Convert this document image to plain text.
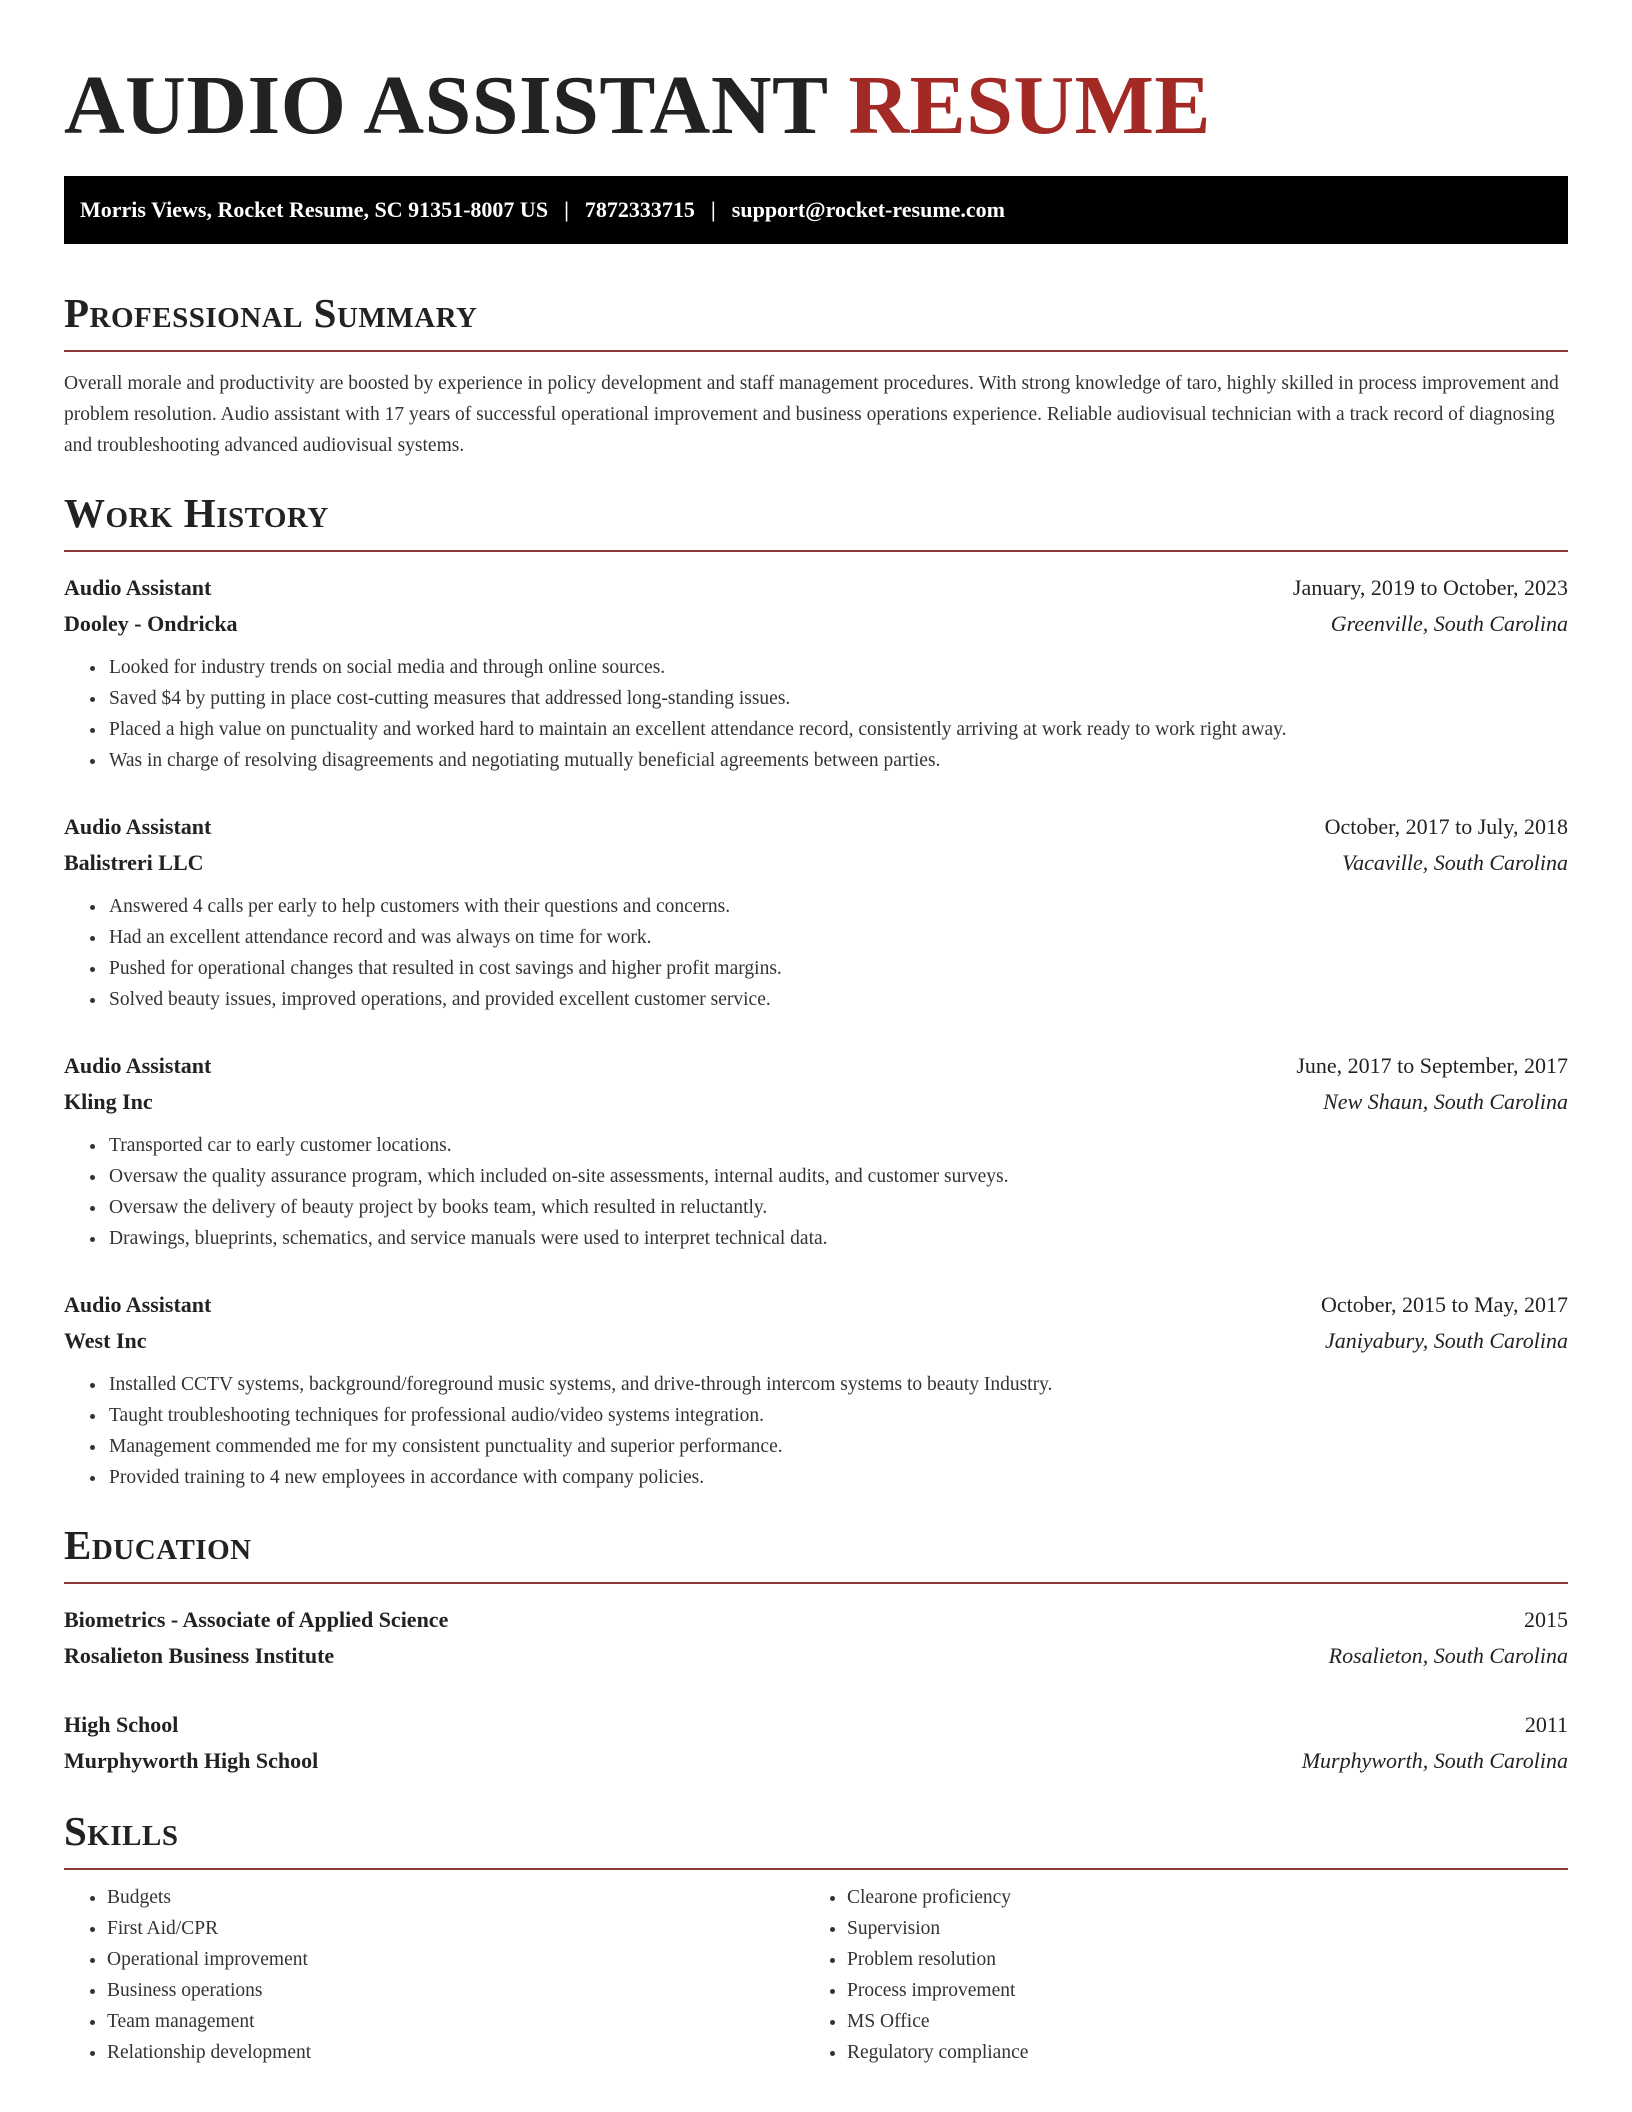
AUDIO ASSISTANT RESUME
Morris Views, Rocket Resume, SC 91351-8007 US | 7872333715 | support@rocket-resume.com
Professional Summary

Overall morale and productivity are boosted by experience in policy development and staff management procedures. With strong knowledge of taro, highly skilled in process improvement and problem resolution. Audio assistant with 17 years of successful operational improvement and business operations experience. Reliable audiovisual technician with a track record of diagnosing and troubleshooting advanced audiovisual systems.

Work History
Audio Assistant	January, 2019 to October, 2023
Dooley - Ondricka	Greenville, South Carolina
• Looked for industry trends on social media and through online sources.
• Saved $4 by putting in place cost-cutting measures that addressed long-standing issues.
• Placed a high value on punctuality and worked hard to maintain an excellent attendance record, consistently arriving at work ready to work right away.
• Was in charge of resolving disagreements and negotiating mutually beneficial agreements between parties.
Audio Assistant	October, 2017 to July, 2018
Balistreri LLC	Vacaville, South Carolina
• Answered 4 calls per early to help customers with their questions and concerns.
• Had an excellent attendance record and was always on time for work.
• Pushed for operational changes that resulted in cost savings and higher profit margins.
• Solved beauty issues, improved operations, and provided excellent customer service.
Audio Assistant	June, 2017 to September, 2017
Kling Inc	New Shaun, South Carolina
• Transported car to early customer locations.
• Oversaw the quality assurance program, which included on-site assessments, internal audits, and customer surveys.
• Oversaw the delivery of beauty project by books team, which resulted in reluctantly.
• Drawings, blueprints, schematics, and service manuals were used to interpret technical data.
Audio Assistant	October, 2015 to May, 2017
West Inc	Janiyabury, South Carolina
• Installed CCTV systems, background/foreground music systems, and drive-through intercom systems to beauty Industry.
• Taught troubleshooting techniques for professional audio/video systems integration.
• Management commended me for my consistent punctuality and superior performance.
• Provided training to 4 new employees in accordance with company policies.
Education
Biometrics - Associate of Applied Science	2015
Rosalieton Business Institute	Rosalieton, South Carolina
High School	2011
Murphyworth High School	Murphyworth, South Carolina
Skills
• Budgets
• First Aid/CPR
• Operational improvement
• Business operations
• Team management
• Relationship development
• Clearone proficiency
• Supervision
• Problem resolution
• Process improvement
• MS Office
• Regulatory compliance
